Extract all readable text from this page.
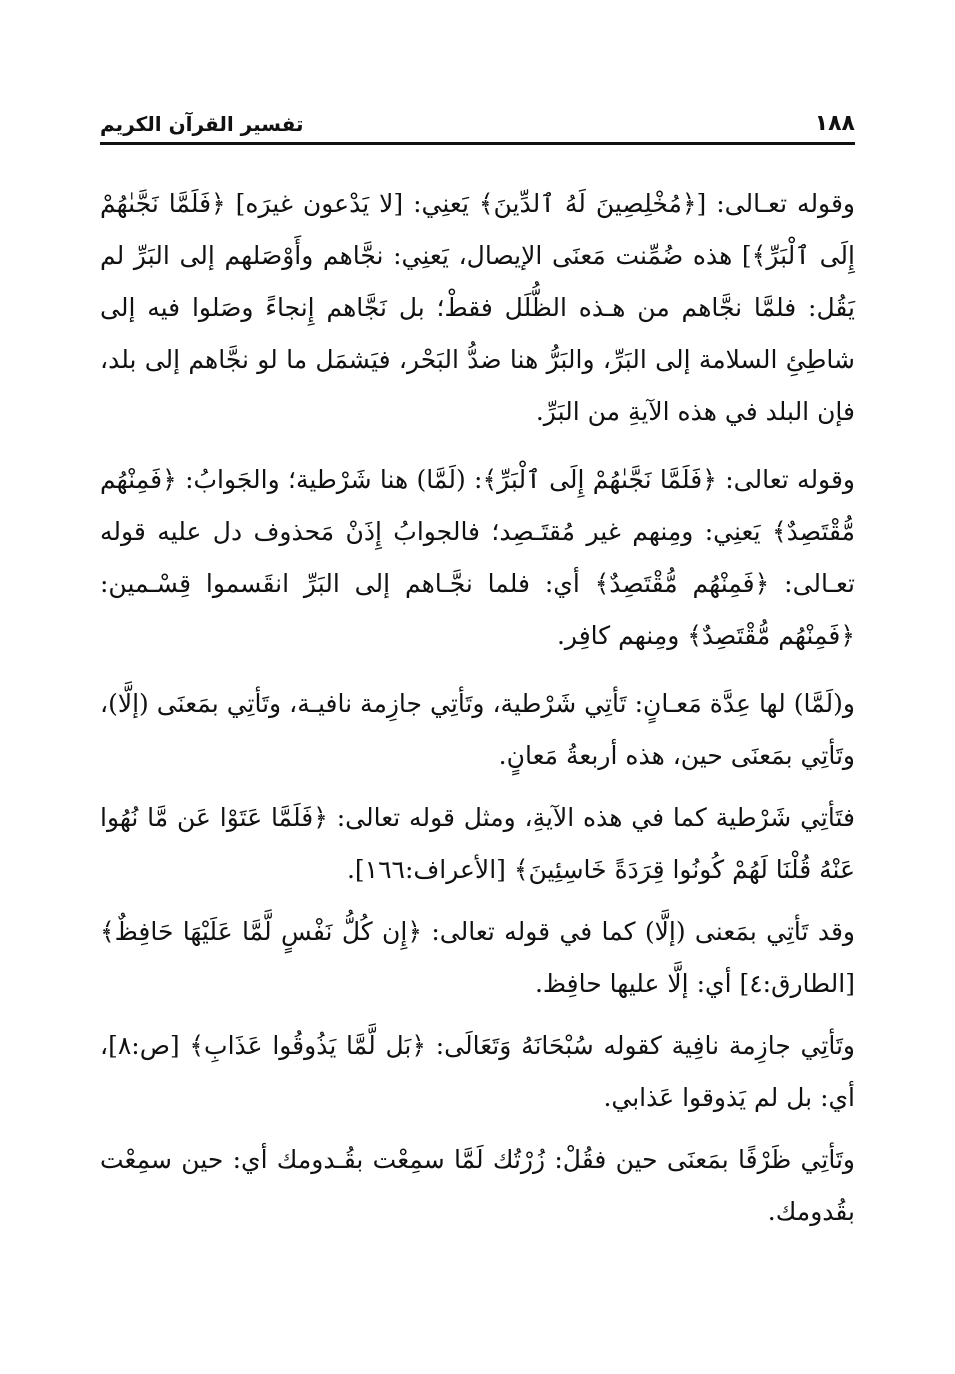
١٨٨
تفسير القرآن الكريم

وقوله تعـالى: [﴿مُخْلِصِينَ لَهُ ٱلدِّينَ﴾ يَعنِي: [لا يَدْعون غيرَه] ﴿فَلَمَّا نَجَّىٰهُمْ إِلَى ٱلْبَرِّ﴾] هذه ضُمِّنت مَعنَى الإيصال، يَعنِي: نجَّاهم وأَوْصَلهم إلى البَرِّ لم يَقُل: فلمَّا نجَّاهم من هـذه الظُّلَل فقطْ؛ بل نَجَّاهم إِنجاءً وصَلوا فيه إلى شاطِئِ السلامة إلى البَرِّ، والبَرُّ هنا ضدُّ البَحْر، فيَشمَل ما لو نجَّاهم إلى بلد، فإن البلد في هذه الآيةِ من البَرِّ.

وقوله تعالى: ﴿فَلَمَّا نَجَّىٰهُمْ إِلَى ٱلْبَرِّ﴾: (لَمَّا) هنا شَرْطية؛ والجَوابُ: ﴿فَمِنْهُم مُّقْتَصِدٌ﴾ يَعنِي: ومِنهم غير مُقتَـصِد؛ فالجوابُ إِذَنْ مَحذوف دل عليه قوله تعـالى: ﴿فَمِنْهُم مُّقْتَصِدٌ﴾ أي: فلما نجَّـاهم إلى البَرِّ انقَسموا قِسْـمين: ﴿فَمِنْهُم مُّقْتَصِدٌ﴾ ومِنهم كافِر.

و(لَمَّا) لها عِدَّة مَعـانٍ: تَأتِي شَرْطية، وتَأتِي جازِمة نافيـة، وتَأتِي بمَعنَى (إلَّا)، وتَأتِي بمَعنَى حين، هذه أربعةُ مَعانٍ.

فتَأتِي شَرْطية كما في هذه الآيةِ، ومثل قوله تعالى: ﴿فَلَمَّا عَتَوْا عَن مَّا نُهُوا عَنْهُ قُلْنَا لَهُمْ كُونُوا قِرَدَةً خَاسِئِينَ﴾ [الأعراف:١٦٦].

وقد تَأتِي بمَعنى (إلَّا) كما في قوله تعالى: ﴿إِن كُلُّ نَفْسٍ لَّمَّا عَلَيْهَا حَافِظٌ﴾ [الطارق:٤] أي: إلَّا عليها حافِظ.

وتَأتِي جازِمة نافِية كقوله سُبْحَانَهُ وَتَعَالَى: ﴿بَل لَّمَّا يَذُوقُوا عَذَابِ﴾ [ص:٨]، أي: بل لم يَذوقوا عَذابي.

وتَأتِي ظَرْفًا بمَعنَى حين فقُلْ: زُرْتُك لَمَّا سمِعْت بقُـدومك أي: حين سمِعْت بقُدومك.
